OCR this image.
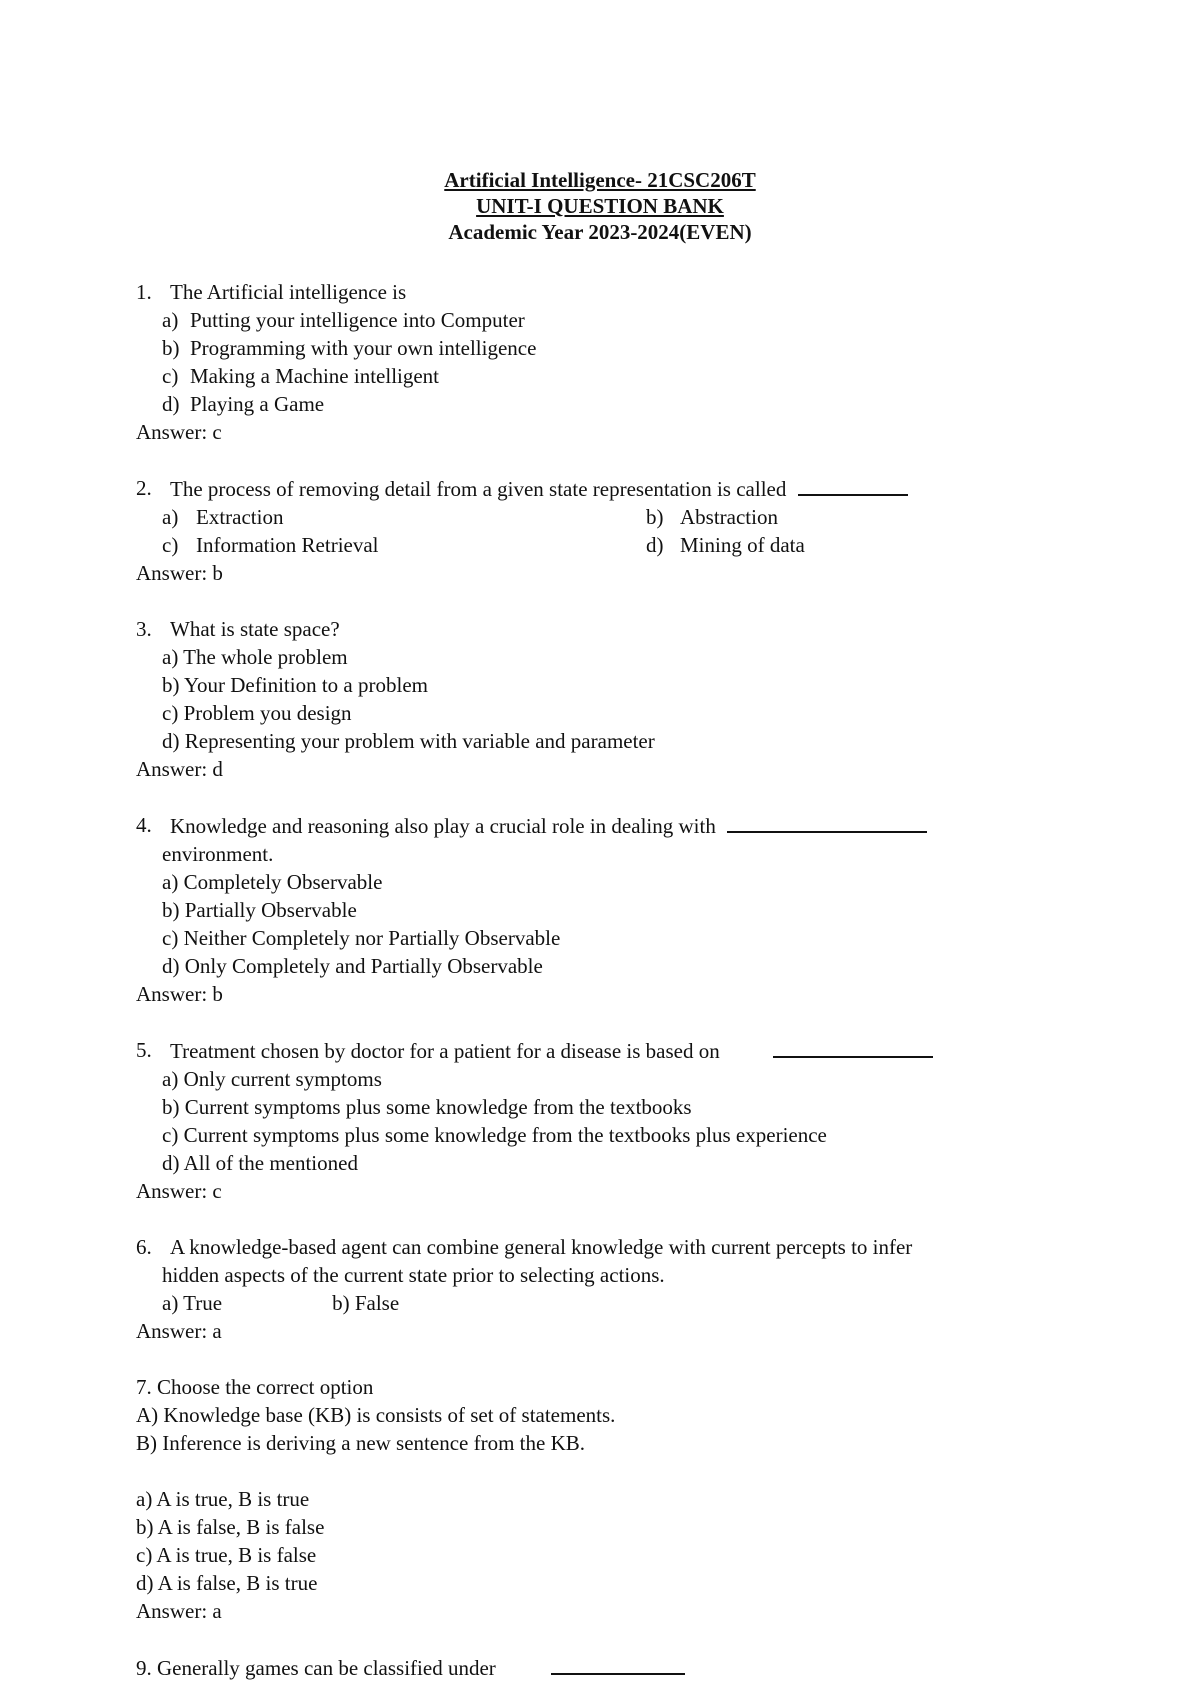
Artificial Intelligence- 21CSC206T
UNIT-I QUESTION BANK
Academic Year 2023-2024(EVEN)
1. The Artificial intelligence is
a) Putting your intelligence into Computer
b) Programming with your own intelligence
c) Making a Machine intelligent
d) Playing a Game
Answer: c
2. The process of removing detail from a given state representation is called
a) Extraction	b) Abstraction
c) Information Retrieval	d) Mining of data
Answer: b
3. What is state space?
a) The whole problem
b) Your Definition to a problem
c) Problem you design
d) Representing your problem with variable and parameter
Answer: d
4. Knowledge and reasoning also play a crucial role in dealing with
environment.
a) Completely Observable
b) Partially Observable
c) Neither Completely nor Partially Observable
d) Only Completely and Partially Observable
Answer: b
5. Treatment chosen by doctor for a patient for a disease is based on
a) Only current symptoms
b) Current symptoms plus some knowledge from the textbooks
c) Current symptoms plus some knowledge from the textbooks plus experience
d) All of the mentioned
Answer: c
6. A knowledge-based agent can combine general knowledge with current percepts to infer
hidden aspects of the current state prior to selecting actions.
a) True	b) False
Answer: a
7. Choose the correct option
A) Knowledge base (KB) is consists of set of statements.
B) Inference is deriving a new sentence from the KB.
a) A is true, B is true
b) A is false, B is false
c) A is true, B is false
d) A is false, B is true
Answer: a
9. Generally games can be classified under
